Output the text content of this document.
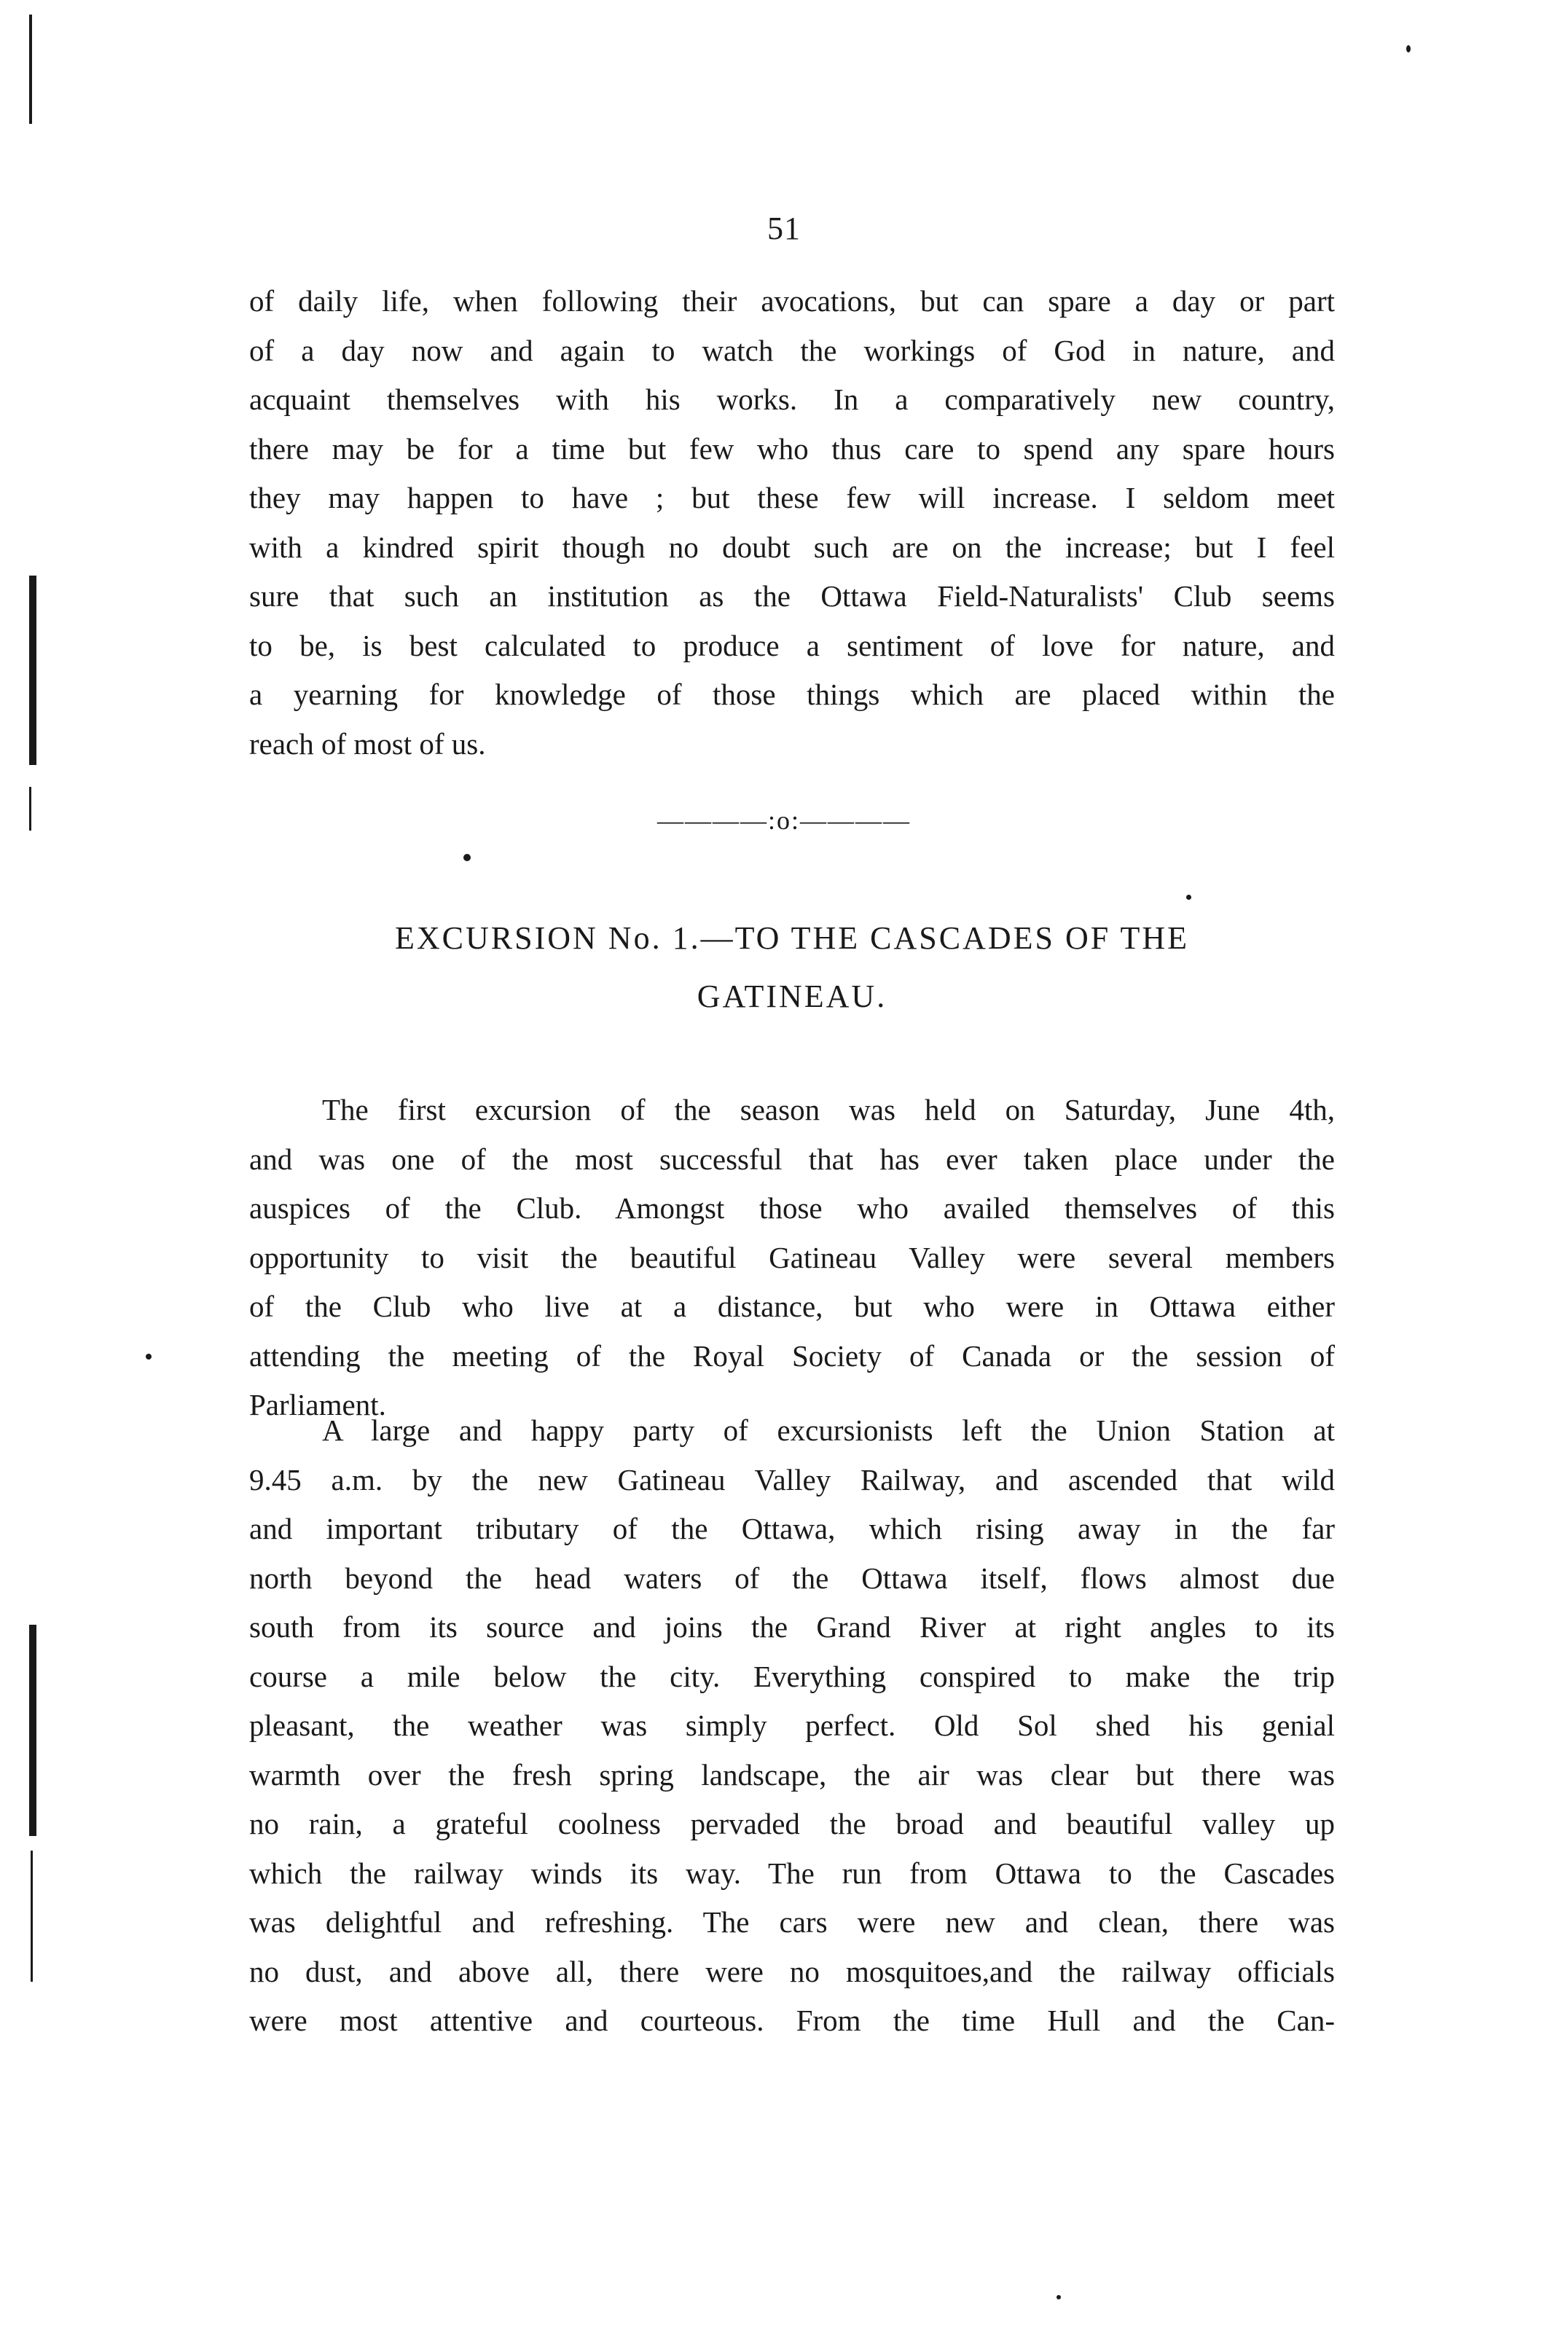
51
of daily life, when following their avocations, but can spare a day or part
of a day now and again to watch the workings of God in nature, and
acquaint themselves with his works. In a comparatively new country,
there may be for a time but few who thus care to spend any spare hours
they may happen to have ; but these few will increase. I seldom meet
with a kindred spirit though no doubt such are on the increase; but I feel
sure that such an institution as the Ottawa Field-Naturalists' Club seems
to be, is best calculated to produce a sentiment of love for nature, and
a yearning for knowledge of those things which are placed within the
reach of most of us.
————:o:————
EXCURSION No. 1.—TO THE CASCADES OF THE
GATINEAU.
The first excursion of the season was held on Saturday, June 4th,
and was one of the most successful that has ever taken place under the
auspices of the Club. Amongst those who availed themselves of this
opportunity to visit the beautiful Gatineau Valley were several members
of the Club who live at a distance, but who were in Ottawa either
attending the meeting of the Royal Society of Canada or the session of
Parliament.
A large and happy party of excursionists left the Union Station at
9.45 a.m. by the new Gatineau Valley Railway, and ascended that wild
and important tributary of the Ottawa, which rising away in the far
north beyond the head waters of the Ottawa itself, flows almost due
south from its source and joins the Grand River at right angles to its
course a mile below the city. Everything conspired to make the trip
pleasant, the weather was simply perfect. Old Sol shed his genial
warmth over the fresh spring landscape, the air was clear but there was
no rain, a grateful coolness pervaded the broad and beautiful valley up
which the railway winds its way. The run from Ottawa to the Cascades
was delightful and refreshing. The cars were new and clean, there was
no dust, and above all, there were no mosquitoes,and the railway officials
were most attentive and courteous. From the time Hull and the Can-
